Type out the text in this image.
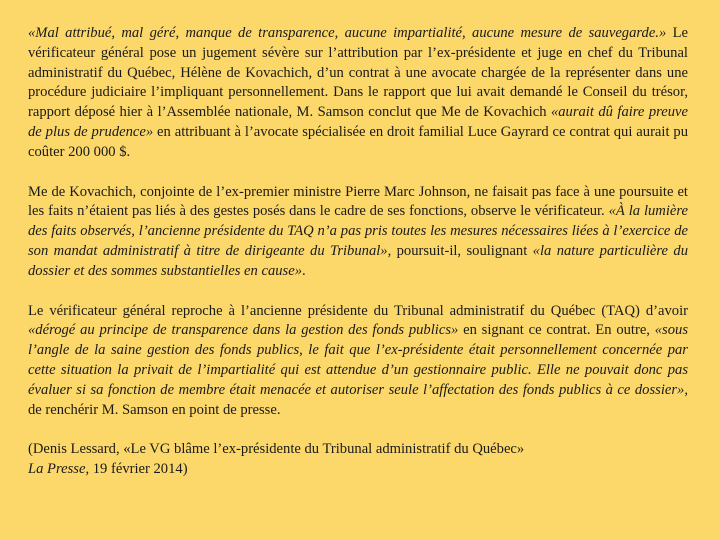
«Mal attribué, mal géré, manque de transparence, aucune impartialité, aucune mesure de sauvegarde.» Le vérificateur général pose un jugement sévère sur l’attribution par l’ex-présidente et juge en chef du Tribunal administratif du Québec, Hélène de Kovachich, d’un contrat à une avocate chargée de la représenter dans une procédure judiciaire l’impliquant personnellement. Dans le rapport que lui avait demandé le Conseil du trésor, rapport déposé hier à l’Assemblée nationale, M. Samson conclut que Me de Kovachich «aurait dû faire preuve de plus de prudence» en attribuant à l’avocate spécialisée en droit familial Luce Gayrard ce contrat qui aurait pu coûter 200 000 $.

Me de Kovachich, conjointe de l’ex-premier ministre Pierre Marc Johnson, ne faisait pas face à une poursuite et les faits n’étaient pas liés à des gestes posés dans le cadre de ses fonctions, observe le vérificateur. «À la lumière des faits observés, l’ancienne présidente du TAQ n’a pas pris toutes les mesures nécessaires liées à l’exercice de son mandat administratif à titre de dirigeante du Tribunal», poursuit-il, soulignant «la nature particulière du dossier et des sommes substantielles en cause».

Le vérificateur général reproche à l’ancienne présidente du Tribunal administratif du Québec (TAQ) d’avoir «dérogé au principe de transparence dans la gestion des fonds publics» en signant ce contrat. En outre, «sous l’angle de la saine gestion des fonds publics, le fait que l’ex-présidente était personnellement concernée par cette situation la privait de l’impartialité qui est attendue d’un gestionnaire public. Elle ne pouvait donc pas évaluer si sa fonction de membre était menacée et autoriser seule l’affectation des fonds publics à ce dossier», de renchérir M. Samson en point de presse.

(Denis Lessard, «Le VG blâme l’ex-présidente du Tribunal administratif du Québec»
La Presse, 19 février 2014)
